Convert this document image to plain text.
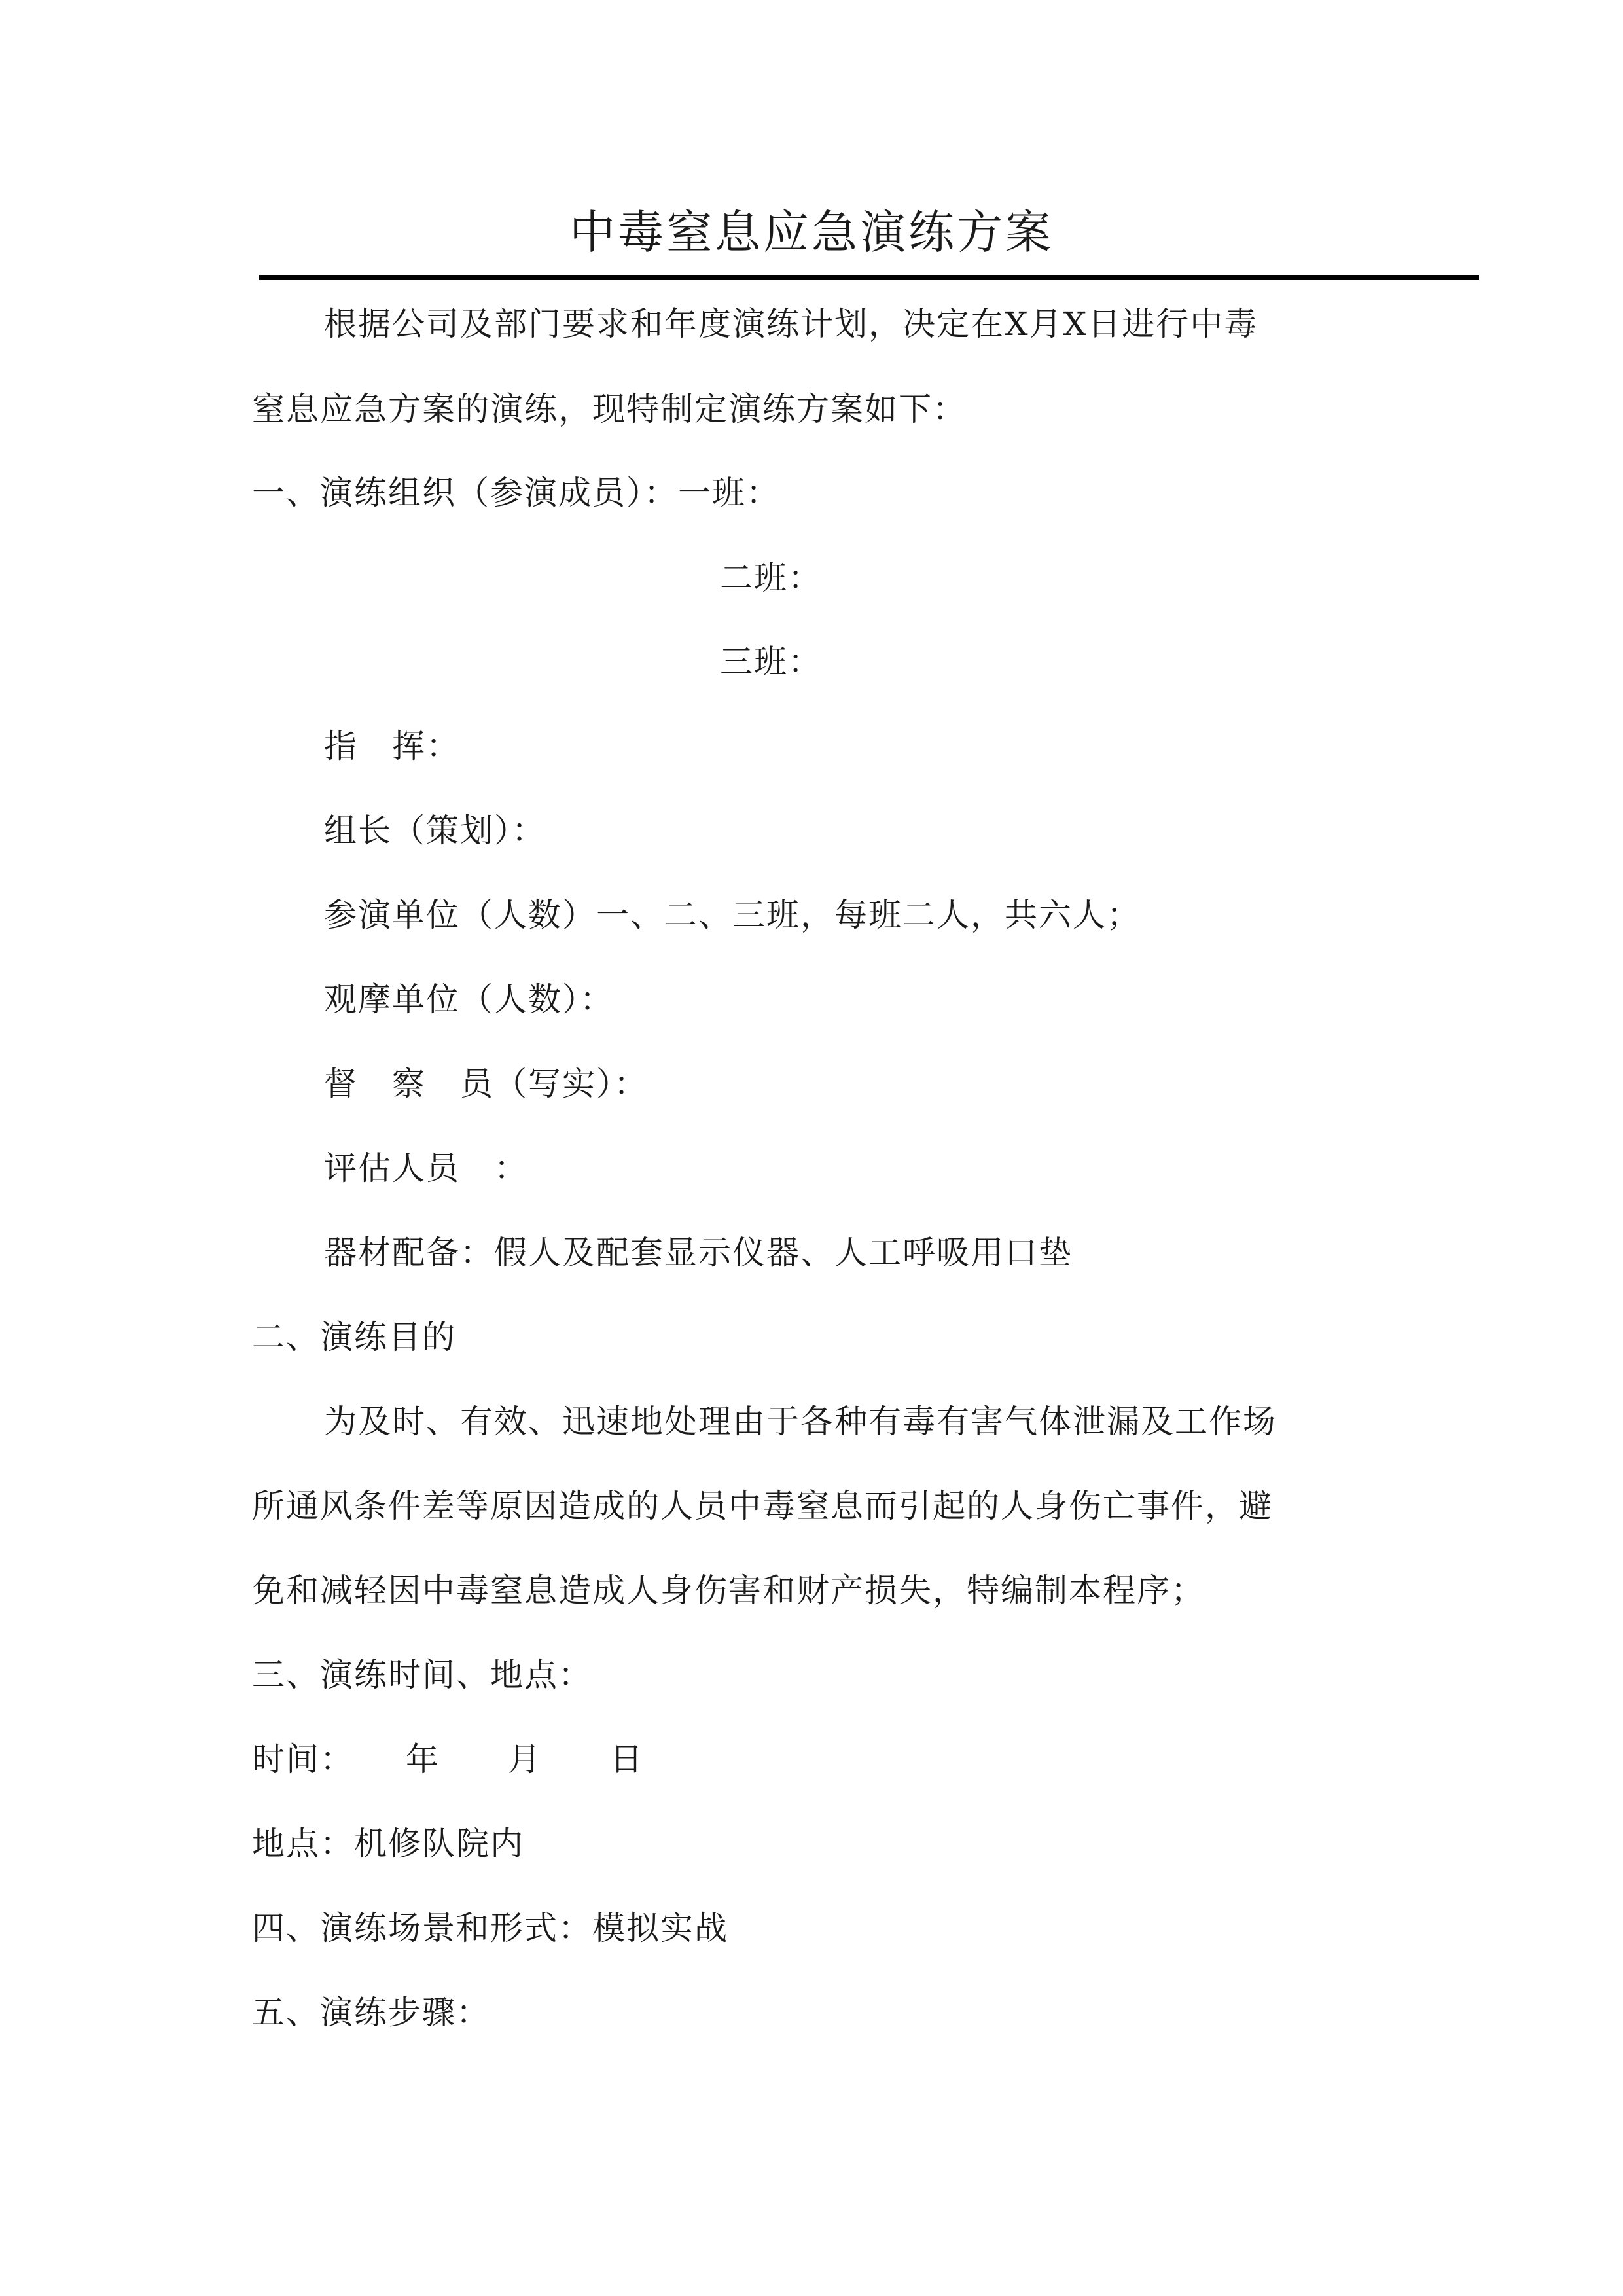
中毒窒息应急演练方案

根据公司及部门要求和年度演练计划，决定在X月X日进行中毒

窒息应急方案的演练，现特制定演练方案如下：

一、演练组织（参演成员）：一班：

二班：

三班：

指　挥：

组长（策划）：

参演单位（人数）一、二、三班，每班二人，共六人；

观摩单位（人数）：

督　察　员（写实）：

评估人员　：

器材配备：假人及配套显示仪器、人工呼吸用口垫

二、演练目的

为及时、有效、迅速地处理由于各种有毒有害气体泄漏及工作场

所通风条件差等原因造成的人员中毒窒息而引起的人身伤亡事件，避

免和减轻因中毒窒息造成人身伤害和财产损失，特编制本程序；

三、演练时间、地点：

时间：　　年　　月　　日

地点：机修队院内

四、演练场景和形式：模拟实战

五、演练步骤：
